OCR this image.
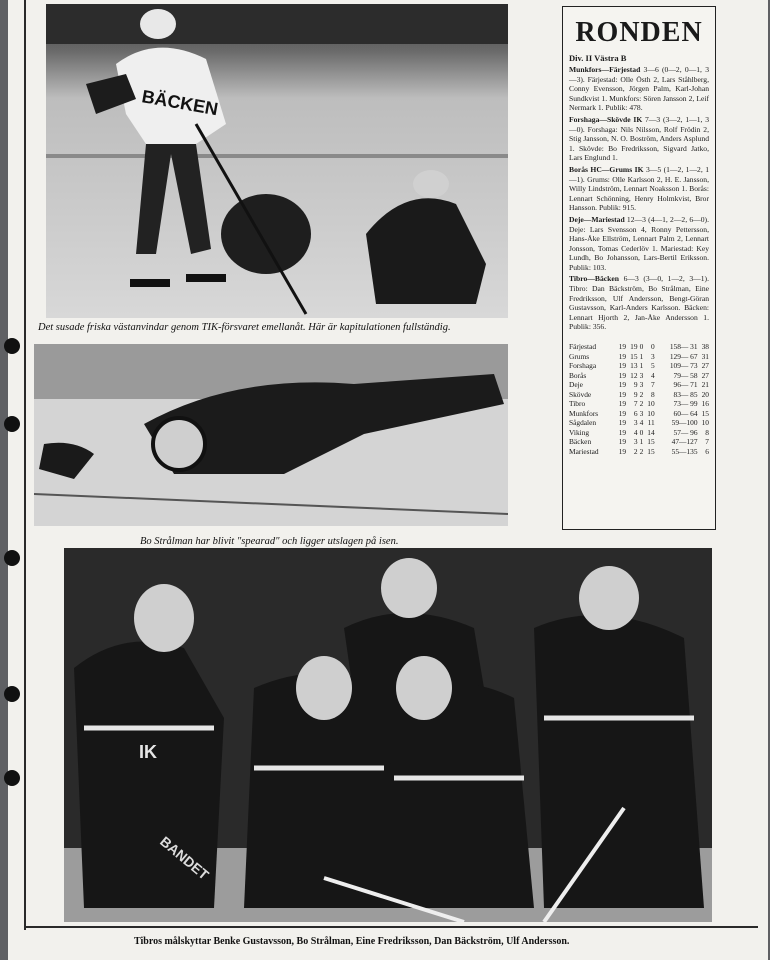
BÄCKEN
Det susade friska västanvindar genom TIK-försvaret emellanåt. Här är kapitulationen fullständig.
Bo Strålman har blivit "spearad" och ligger utslagen på isen.
IK
BANDET
Tibros målskyttar Benke Gustavsson, Bo Strålman, Eine Fredriksson, Dan Bäckström, Ulf Andersson.
RONDEN
Div. II Västra B

Munkfors—Färjestad 3—6 (0—2, 0—1, 3—3). Färjestad: Olle Östh 2, Lars Ståhlberg, Conny Evensson, Jörgen Palm, Karl-Johan Sundkvist 1. Munkfors: Sören Jansson 2, Leif Nermark 1. Publik: 478.

Forshaga—Skövde IK 7—3 (3—2, 1—1, 3—0). Forshaga: Nils Nilsson, Rolf Frödin 2, Stig Jansson, N. O. Boström, Anders Asplund 1. Skövde: Bo Fredriksson, Sigvard Jatko, Lars Englund 1.

Borås HC—Grums IK 3—5 (1—2, 1—2, 1—1). Grums: Olle Karlsson 2, H. E. Jansson, Willy Lindström, Lennart Noaksson 1. Borås: Lennart Schönning, Henry Holmkvist, Bror Hansson. Publik: 915.

Deje—Mariestad 12—3 (4—1, 2—2, 6—0). Deje: Lars Svensson 4, Ronny Pettersson, Hans-Åke Ellström, Lennart Palm 2, Lennart Jonsson, Tomas Cederlöv 1. Mariestad: Key Lundh, Bo Johansson, Lars-Bertil Eriksson. Publik: 103.

Tibro—Bäcken 6—3 (3—0, 1—2, 3—1). Tibro: Dan Bäckström, Bo Strålman, Eine Fredriksson, Ulf Andersson, Bengt-Göran Gustavsson, Karl-Anders Karlsson. Bäcken: Lennart Hjorth 2, Jan-Åke Andersson 1. Publik: 356.

Färjestad	19	19	0	0	158— 31	38
Grums	19	15	1	3	129— 67	31
Forshaga	19	13	1	5	109— 73	27
Borås	19	12	3	4	79— 58	27
Deje	19	9	3	7	96— 71	21
Skövde	19	9	2	8	83— 85	20
Tibro	19	7	2	10	73— 99	16
Munkfors	19	6	3	10	60— 64	15
Sågdalen	19	3	4	11	59—100	10
Viking	19	4	0	14	57— 96	8
Bäcken	19	3	1	15	47—127	7
Mariestad	19	2	2	15	55—135	6
